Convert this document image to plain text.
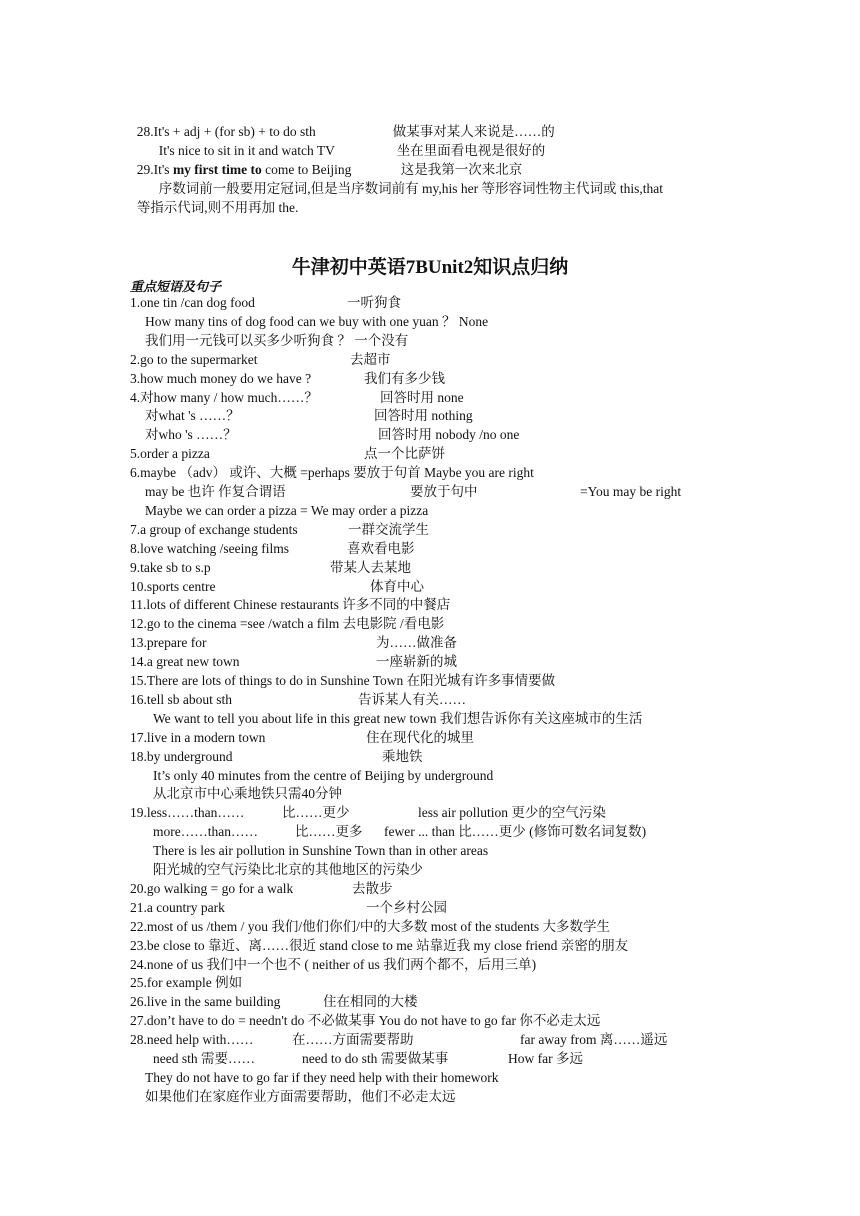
28.It's + adj + (for sb) + to do sth	做某事对某人来说是……的

It's nice to sit in it and watch TV	坐在里面看电视是很好的

29.It's my first time to come to Beijing	这是我第一次来北京

序数词前一般要用定冠词,但是当序数词前有 my,his her 等形容词性物主代词或 this,that

等指示代词,则不用再加 the.

牛津初中英语7BUnit2知识点归纳
重点短语及句子
1.one tin /can dog food	一听狗食
How many tins of dog food can we buy with one yuan ？ None
我们用一元钱可以买多少听狗食 ？ 一个没有
2.go to the supermarket	去超市
3.how much money do we have ?	我们有多少钱
4.对how many / how much……？	回答时用 none
对what 's ……？	回答时用 nothing
对who 's ……？	回答时用 nobody /no one
5.order a pizza	点一个比萨饼
6.maybe （adv） 或许、大概 =perhaps 要放于句首 Maybe you are right
may be 也许 作复合谓语	要放于句中	=You may be right
Maybe we can order a pizza = We may order a pizza
7.a group of exchange students	一群交流学生
8.love watching /seeing films	喜欢看电影
9.take sb to s.p	带某人去某地
10.sports centre	体育中心
11.lots of different Chinese restaurants 许多不同的中餐店
12.go to the cinema =see /watch a film 去电影院 /看电影
13.prepare for	为……做准备
14.a great new town	一座崭新的城
15.There are lots of things to do in Sunshine Town 在阳光城有许多事情要做
16.tell sb about sth	告诉某人有关……
We want to tell you about life in this great new town 我们想告诉你有关这座城市的生活
17.live in a modern town	住在现代化的城里
18.by underground	乘地铁
It’s only 40 minutes from the centre of Beijing by underground
从北京市中心乘地铁只需40分钟
19.less……than……	比……更少	less air pollution 更少的空气污染
more……than……	比……更多 fewer ... than 比……更少 (修饰可数名词复数)
There is les air pollution in Sunshine Town than in other areas
阳光城的空气污染比北京的其他地区的污染少
20.go walking = go for a walk	去散步
21.a country park	一个乡村公园
22.most of us /them / you 我们/他们你们/中的大多数 most of the students 大多数学生
23.be close to 靠近、离……很近 stand close to me 站靠近我 my close friend 亲密的朋友
24.none of us 我们中一个也不 ( neither of us 我们两个都不，后用三单)
25.for example 例如
26.live in the same building	住在相同的大楼
27.don’t have to do = needn't do 不必做某事 You do not have to go far 你不必走太远
28.need help with……	在……方面需要帮助	far away from 离……遥远
need sth 需要……	need to do sth 需要做某事	How far 多远
They do not have to go far if they need help with their homework
如果他们在家庭作业方面需要帮助，他们不必走太远
